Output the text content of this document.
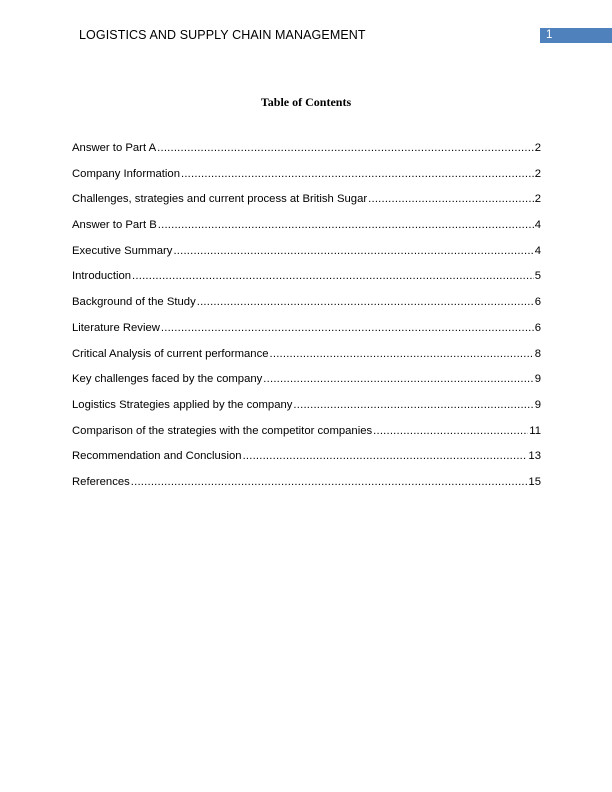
LOGISTICS AND SUPPLY CHAIN MANAGEMENT	1
Table of Contents
Answer to Part A .....	2
Company Information .....	2
Challenges, strategies and current process at British Sugar .....	2
Answer to Part B .....	4
Executive Summary .....	4
Introduction .....	5
Background of the Study .....	6
Literature Review .....	6
Critical Analysis of current performance .....	8
Key challenges faced by the company .....	9
Logistics Strategies applied by the company .....	9
Comparison of the strategies with the competitor companies .....	11
Recommendation and Conclusion .....	13
References .....	15
